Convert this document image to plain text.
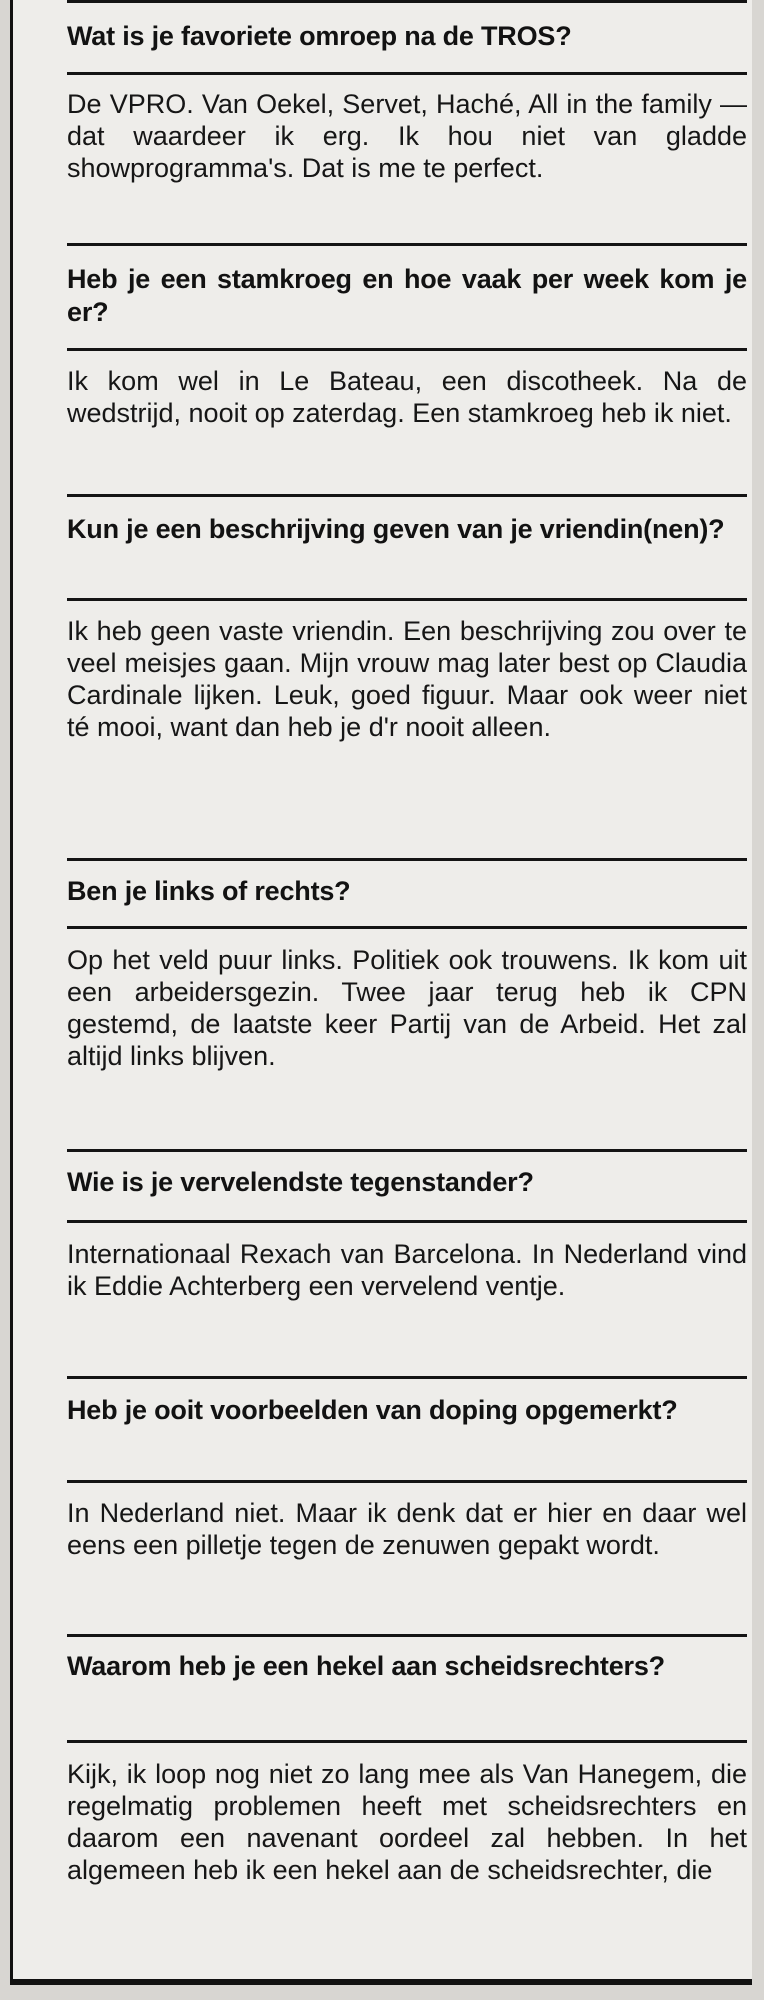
Wat is je favoriete omroep na de TROS?

De VPRO. Van Oekel, Servet, Haché, All in the family — dat waardeer ik erg. Ik hou niet van gladde showprogramma's. Dat is me te perfect.

Heb je een stamkroeg en hoe vaak per week kom je er?

Ik kom wel in Le Bateau, een discotheek. Na de wedstrijd, nooit op zaterdag. Een stamkroeg heb ik niet.

Kun je een beschrijving geven van je vriendin(nen)?

Ik heb geen vaste vriendin. Een beschrijving zou over te veel meisjes gaan. Mijn vrouw mag later best op Claudia Cardinale lijken. Leuk, goed figuur. Maar ook weer niet té mooi, want dan heb je d'r nooit alleen.

Ben je links of rechts?

Op het veld puur links. Politiek ook trouwens. Ik kom uit een arbeidersgezin. Twee jaar terug heb ik CPN gestemd, de laatste keer Partij van de Arbeid. Het zal altijd links blijven.

Wie is je vervelendste tegenstander?

Internationaal Rexach van Barcelona. In Nederland vind ik Eddie Achterberg een vervelend ventje.

Heb je ooit voorbeelden van doping opgemerkt?

In Nederland niet. Maar ik denk dat er hier en daar wel eens een pilletje tegen de zenuwen gepakt wordt.

Waarom heb je een hekel aan scheidsrechters?

Kijk, ik loop nog niet zo lang mee als Van Hanegem, die regelmatig problemen heeft met scheidsrechters en daarom een navenant oordeel zal hebben. In het algemeen heb ik een hekel aan de scheidsrechter, die
